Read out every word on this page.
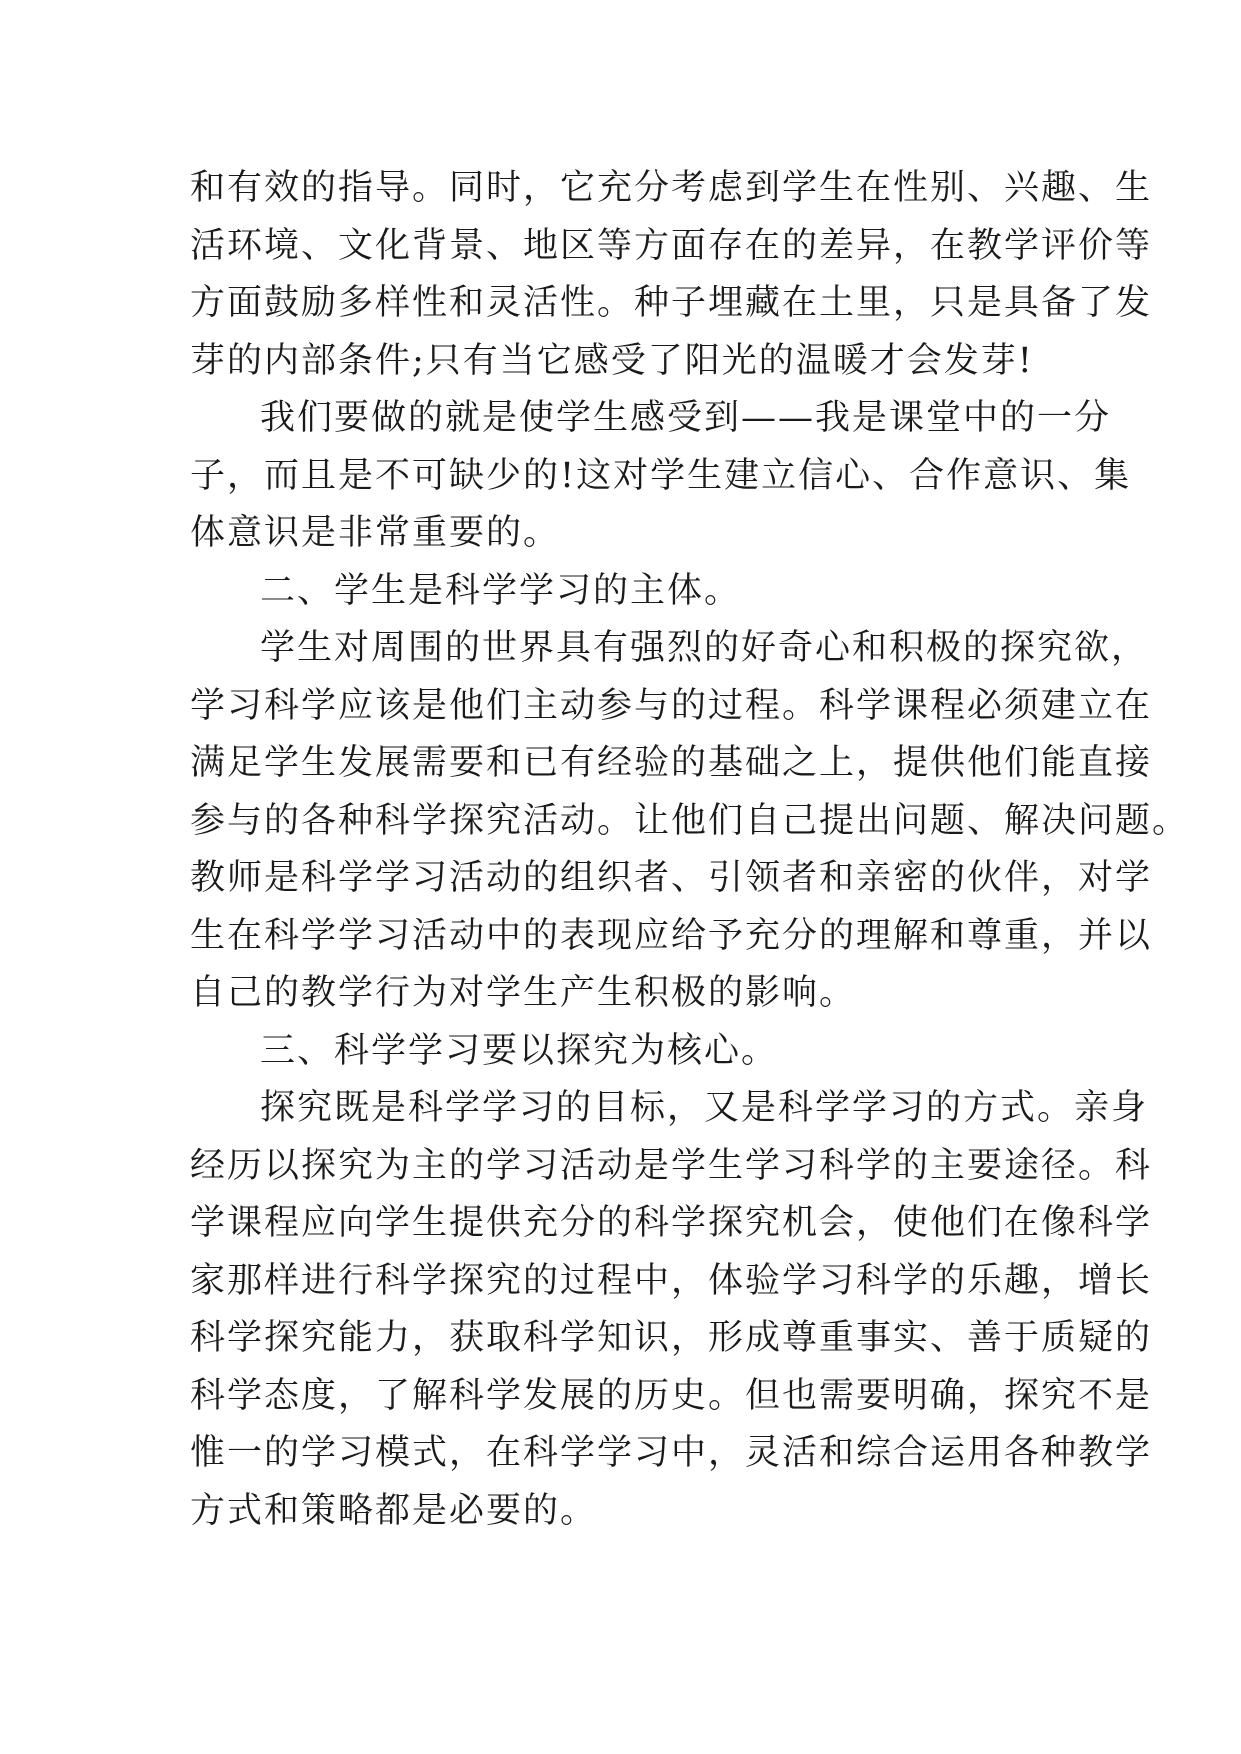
和有效的指导。同时，它充分考虑到学生在性别、兴趣、生

活环境、文化背景、地区等方面存在的差异，在教学评价等

方面鼓励多样性和灵活性。种子埋藏在土里，只是具备了发

芽的内部条件;只有当它感受了阳光的温暖才会发芽!

我们要做的就是使学生感受到——我是课堂中的一分

子，而且是不可缺少的!这对学生建立信心、合作意识、集

体意识是非常重要的。

二、学生是科学学习的主体。

学生对周围的世界具有强烈的好奇心和积极的探究欲，

学习科学应该是他们主动参与的过程。科学课程必须建立在

满足学生发展需要和已有经验的基础之上，提供他们能直接

参与的各种科学探究活动。让他们自己提出问题、解决问题。

教师是科学学习活动的组织者、引领者和亲密的伙伴，对学

生在科学学习活动中的表现应给予充分的理解和尊重，并以

自己的教学行为对学生产生积极的影响。

三、科学学习要以探究为核心。

探究既是科学学习的目标，又是科学学习的方式。亲身

经历以探究为主的学习活动是学生学习科学的主要途径。科

学课程应向学生提供充分的科学探究机会，使他们在像科学

家那样进行科学探究的过程中，体验学习科学的乐趣，增长

科学探究能力，获取科学知识，形成尊重事实、善于质疑的

科学态度，了解科学发展的历史。但也需要明确，探究不是

惟一的学习模式，在科学学习中，灵活和综合运用各种教学

方式和策略都是必要的。
